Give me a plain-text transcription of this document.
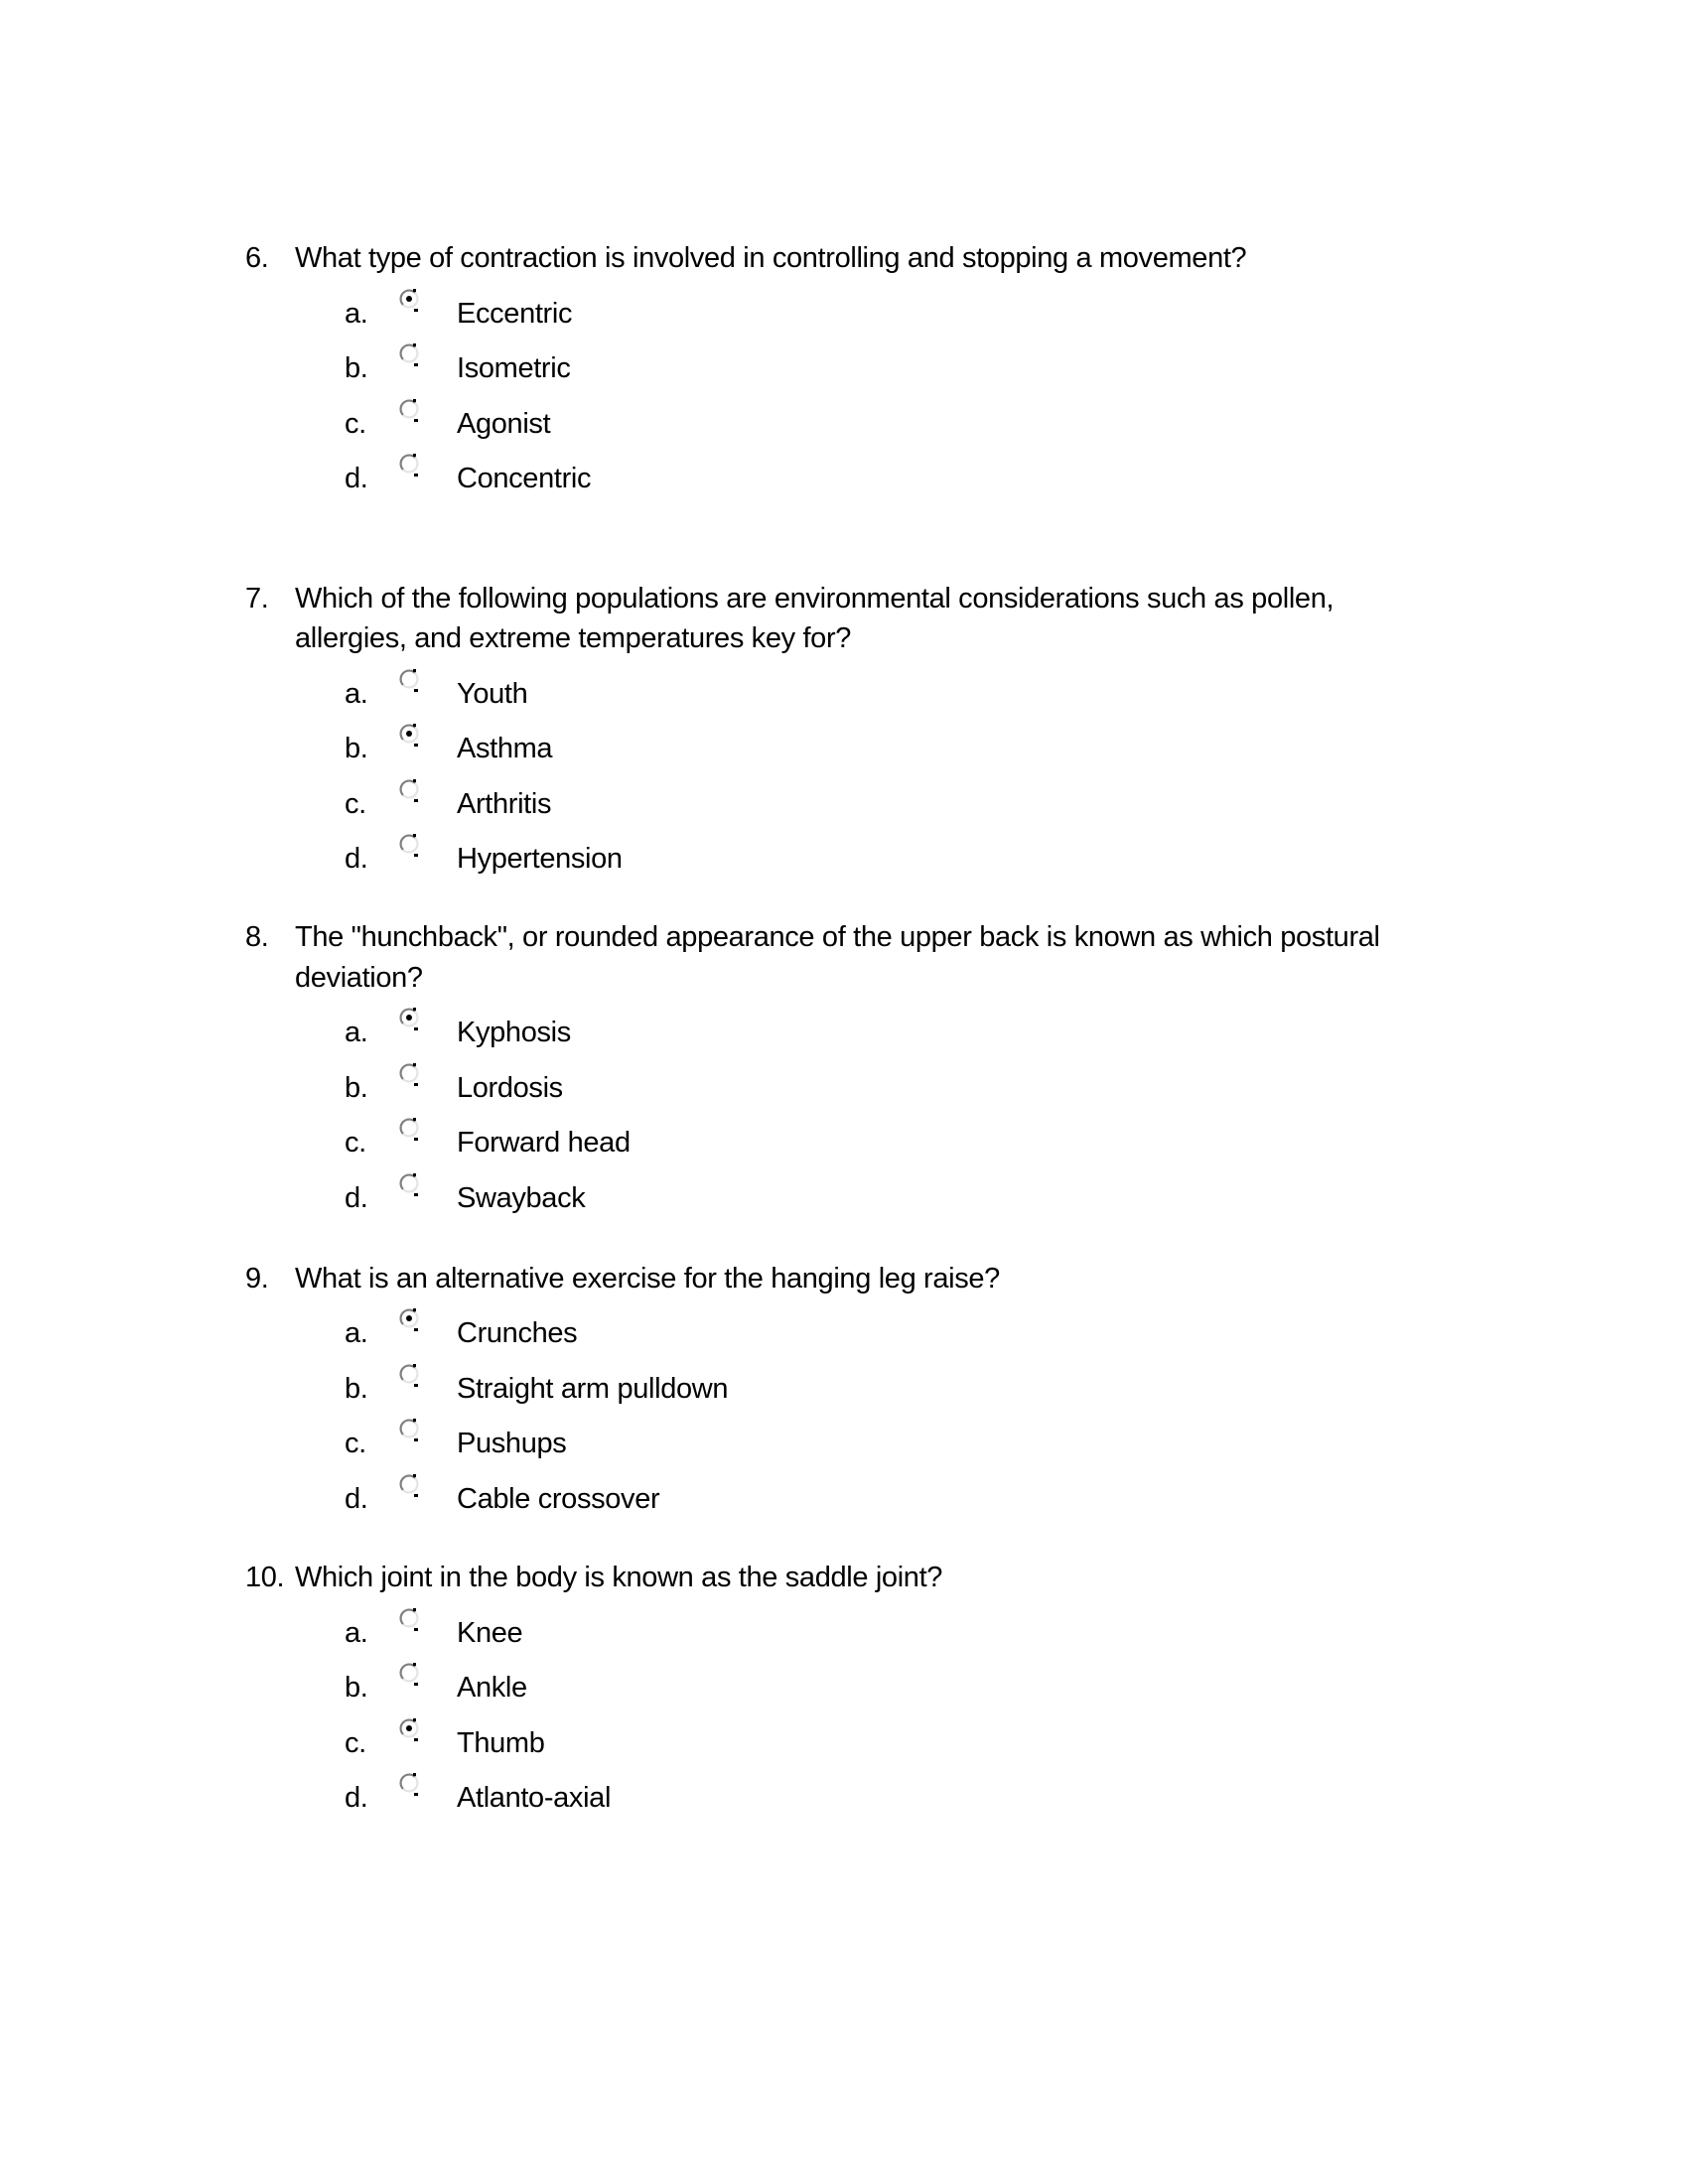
6. What type of contraction is involved in controlling and stopping a movement?
a.	Eccentric
b.	Isometric
c.	Agonist
d.	Concentric
7. Which of the following populations are environmental considerations such as pollen,
allergies, and extreme temperatures key for?
a.	Youth
b.	Asthma
c.	Arthritis
d.	Hypertension
8. The "hunchback", or rounded appearance of the upper back is known as which postural
deviation?
a.	Kyphosis
b.	Lordosis
c.	Forward head
d.	Swayback
9. What is an alternative exercise for the hanging leg raise?
a.	Crunches
b.	Straight arm pulldown
c.	Pushups
d.	Cable crossover
10. Which joint in the body is known as the saddle joint?
a.	Knee
b.	Ankle
c.	Thumb
d.	Atlanto-axial
